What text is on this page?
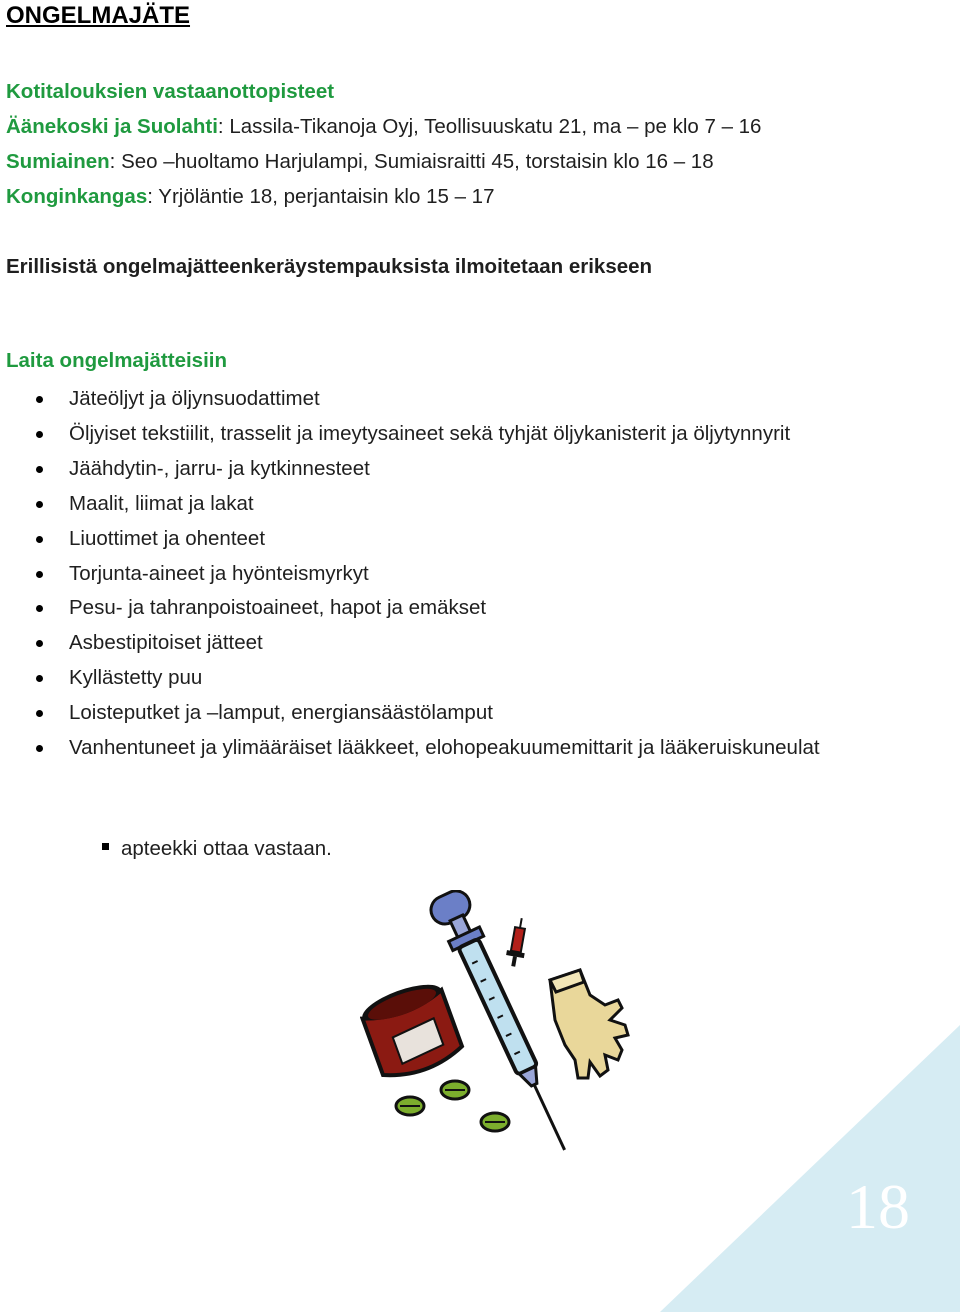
ONGELMAJÄTE
Kotitalouksien vastaanottopisteet
Äänekoski ja Suolahti: Lassila-Tikanoja Oyj, Teollisuuskatu 21, ma – pe klo 7 – 16
Sumiainen: Seo –huoltamo Harjulampi, Sumiaisraitti 45, torstaisin klo 16 – 18
Konginkangas: Yrjöläntie 18, perjantaisin klo 15 – 17
Erillisistä ongelmajätteenkeräystempauksista ilmoitetaan erikseen
Laita ongelmajätteisiin
Jäteöljyt ja öljynsuodattimet
Öljyiset tekstiilit, trasselit ja imeytysaineet sekä tyhjät öljykanisterit ja öljytynnyrit
Jäähdytin-, jarru- ja kytkinnesteet
Maalit, liimat ja lakat
Liuottimet ja ohenteet
Torjunta-aineet ja hyönteismyrkyt
Pesu- ja tahranpoistoaineet, hapot ja emäkset
Asbestipitoiset jätteet
Kyllästetty puu
Loisteputket ja –lamput, energiansäästölamput
Vanhentuneet ja ylimääräiset lääkkeet, elohopeakuumemittarit ja lääkeruiskuneulat
apteekki ottaa vastaan.
18
